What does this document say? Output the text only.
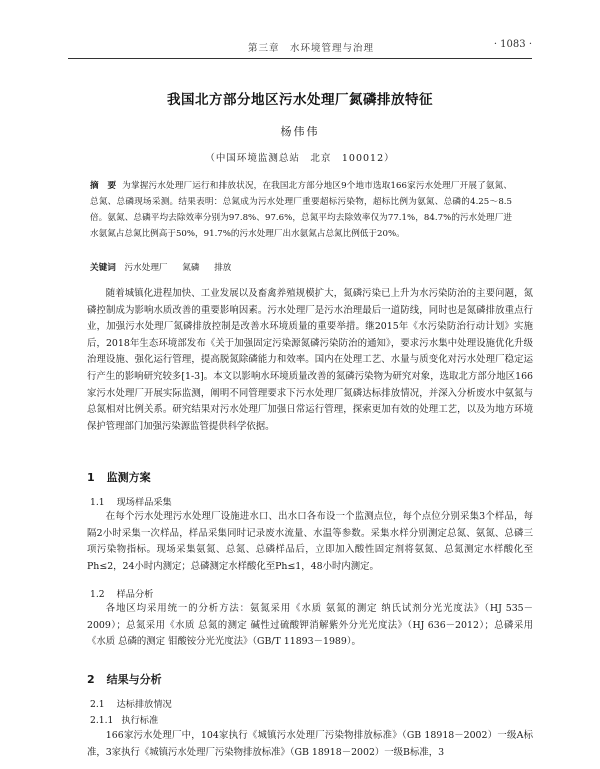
第三章　水环境管理与治理	· 1083 ·
我国北方部分地区污水处理厂氮磷排放特征
杨伟伟
（中国环境监测总站　北京　100012）
摘　要 为掌握污水处理厂运行和排放状况，在我国北方部分地区9个地市选取166家污水处理厂开展了氨氮、总氮、总磷现场采测。结果表明：总氮成为污水处理厂重要超标污染物，超标比例为氨氮、总磷的4.25～8.5倍。氨氮、总磷平均去除效率分别为97.8%、97.6%，总氮平均去除效率仅为77.1%，84.7%的污水处理厂进水氨氮占总氮比例高于50%，91.7%的污水处理厂出水氨氮占总氮比例低于20%。
关键词 污水处理厂 氮磷 排放
随着城镇化进程加快、工业发展以及畜禽养殖规模扩大，氮磷污染已上升为水污染防治的主要问题，氮磷控制成为影响水质改善的重要影响因素。污水处理厂是污水治理最后一道防线，同时也是氮磷排放重点行业，加强污水处理厂氮磷排放控制是改善水环境质量的重要举措。继2015年《水污染防治行动计划》实施后，2018年生态环境部发布《关于加强固定污染源氮磷污染防治的通知》，要求污水集中处理设施优化升级治理设施、强化运行管理，提高脱氮除磷能力和效率。国内在处理工艺、水量与质变化对污水处理厂稳定运行产生的影响研究较多[1-3]。本文以影响水环境质量改善的氮磷污染物为研究对象，选取北方部分地区166家污水处理厂开展实际监测，阐明不同管理要求下污水处理厂氮磷达标排放情况，并深入分析废水中氨氮与总氮相对比例关系。研究结果对污水处理厂加强日常运行管理，探索更加有效的处理工艺，以及为地方环境保护管理部门加强污染源监管提供科学依据。
1 监测方案
1.1 现场样品采集
在每个污水处理污水处理厂设施进水口、出水口各布设一个监测点位，每个点位分别采集3个样品，每隔2小时采集一次样品，样品采集同时记录废水流量、水温等参数。采集水样分别测定总氮、氨氮、总磷三项污染物指标。现场采集氨氮、总氮、总磷样品后，立即加入酸性固定剂将氨氮、总氮测定水样酸化至Ph≤2，24小时内测定；总磷测定水样酸化至Ph≤1，48小时内测定。
1.2 样品分析
各地区均采用统一的分析方法：氨氮采用《水质 氨氮的测定 纳氏试剂分光光度法》（HJ 535－2009）；总氮采用《水质 总氮的测定 碱性过硫酸钾消解紫外分光光度法》（HJ 636－2012）；总磷采用《水质 总磷的测定 钼酸铵分光光度法》（GB/T 11893－1989）。
2 结果与分析
2.1 达标排放情况
2.1.1 执行标准
166家污水处理厂中，104家执行《城镇污水处理厂污染物排放标准》（GB 18918－2002）一级A标准，3家执行《城镇污水处理厂污染物排放标准》（GB 18918－2002）一级B标准，3
